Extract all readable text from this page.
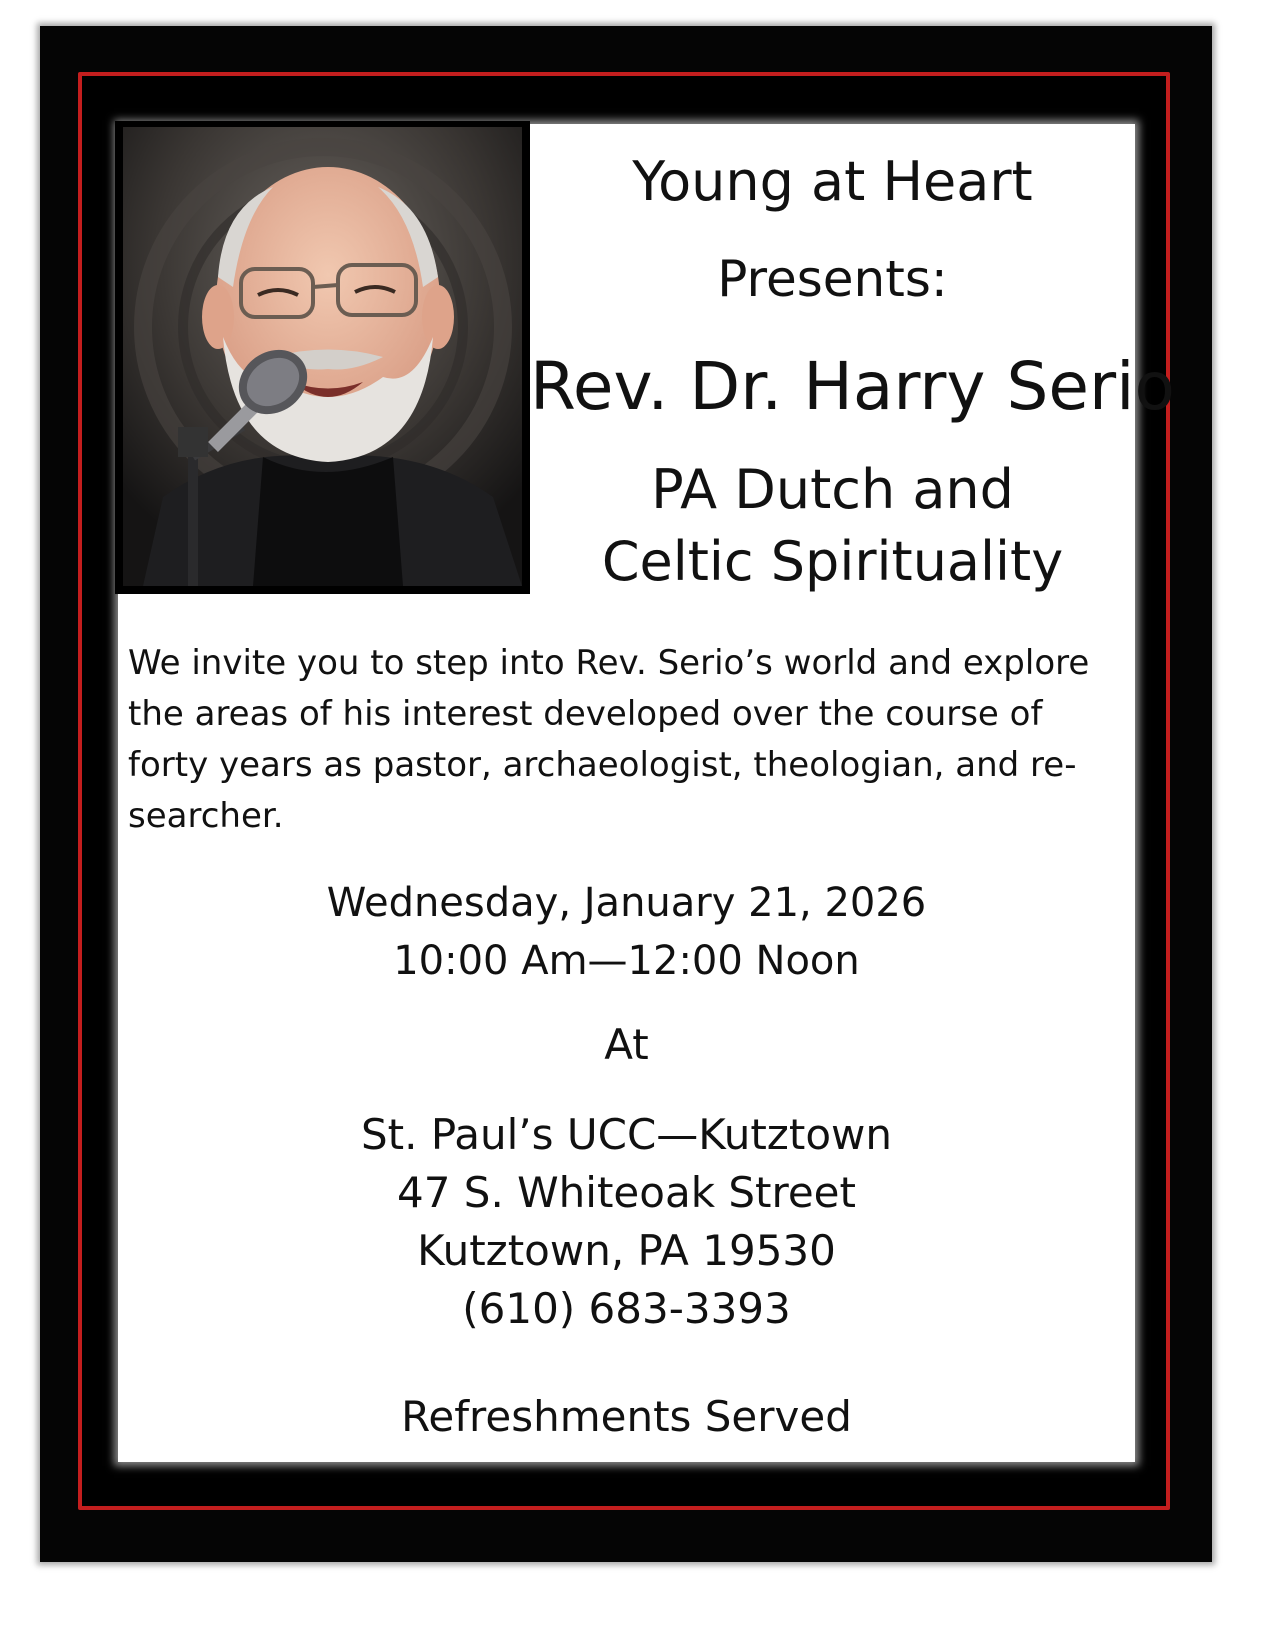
Young at Heart
Presents:
Rev. Dr. Harry Serio
PA Dutch and
Celtic Spirituality
We invite you to step into Rev. Serio’s world and explore
the areas of his interest developed over the course of
forty years as pastor, archaeologist, theologian, and re-
searcher.
Wednesday, January 21, 2026
10:00 Am—12:00 Noon
At
St. Paul’s UCC—Kutztown
47 S. Whiteoak Street
Kutztown, PA 19530
(610) 683-3393
Refreshments Served
